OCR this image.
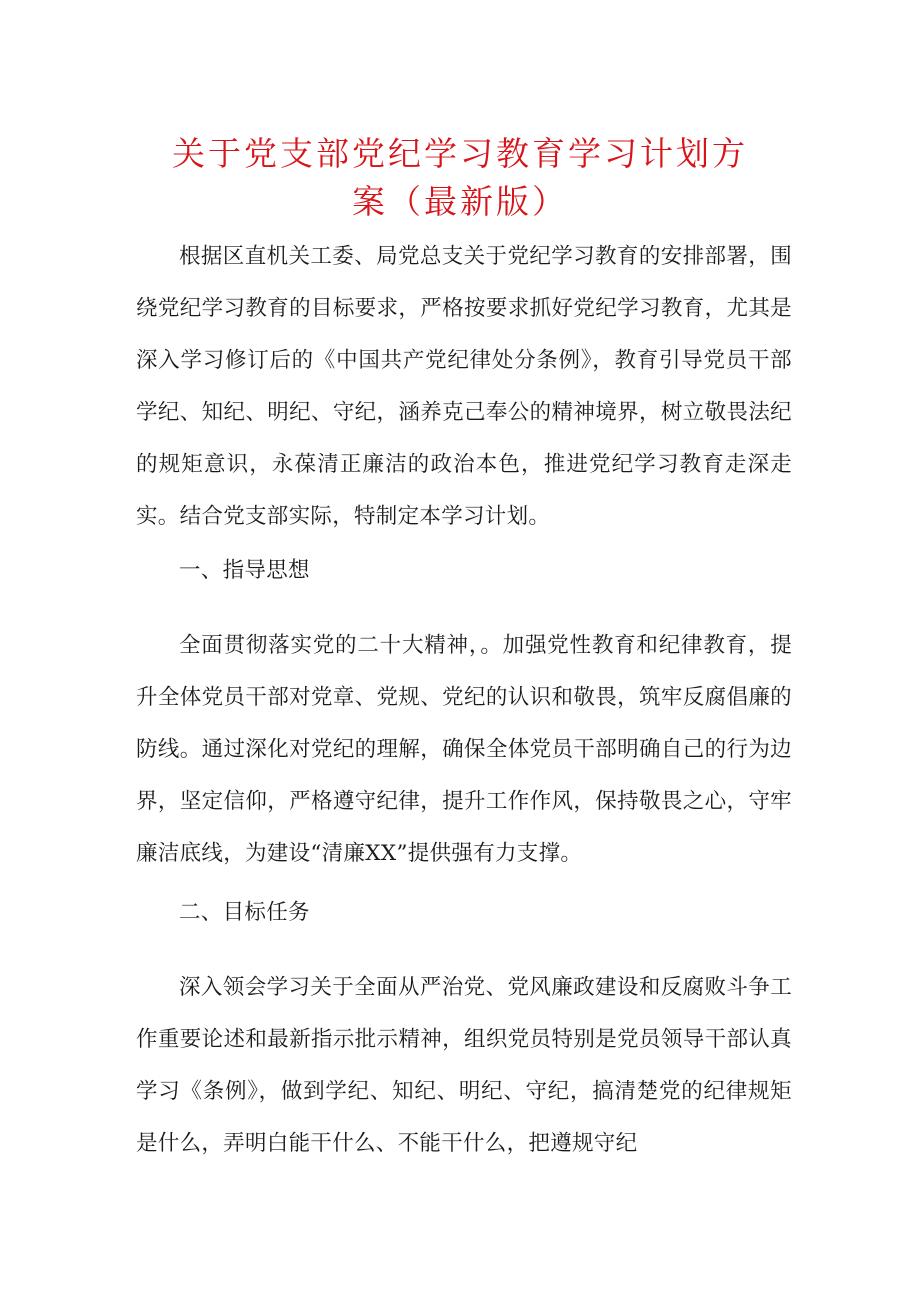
关于党支部党纪学习教育学习计划方
案（最新版）

根据区直机关工委、局党总支关于党纪学习教育的安排部署，围绕党纪学习教育的目标要求，严格按要求抓好党纪学习教育，尤其是深入学习修订后的《中国共产党纪律处分条例》，教育引导党员干部学纪、知纪、明纪、守纪，涵养克己奉公的精神境界，树立敬畏法纪的规矩意识，永葆清正廉洁的政治本色，推进党纪学习教育走深走实。结合党支部实际，特制定本学习计划。

一、指导思想

全面贯彻落实党的二十大精神，。加强党性教育和纪律教育，提升全体党员干部对党章、党规、党纪的认识和敬畏，筑牢反腐倡廉的防线。通过深化对党纪的理解，确保全体党员干部明确自己的行为边界，坚定信仰，严格遵守纪律，提升工作作风，保持敬畏之心，守牢廉洁底线，为建设“清廉XX”提供强有力支撑。

二、目标任务

深入领会学习关于全面从严治党、党风廉政建设和反腐败斗争工作重要论述和最新指示批示精神，组织党员特别是党员领导干部认真学习《条例》，做到学纪、知纪、明纪、守纪，搞清楚党的纪律规矩是什么，弄明白能干什么、不能干什么，把遵规守纪
